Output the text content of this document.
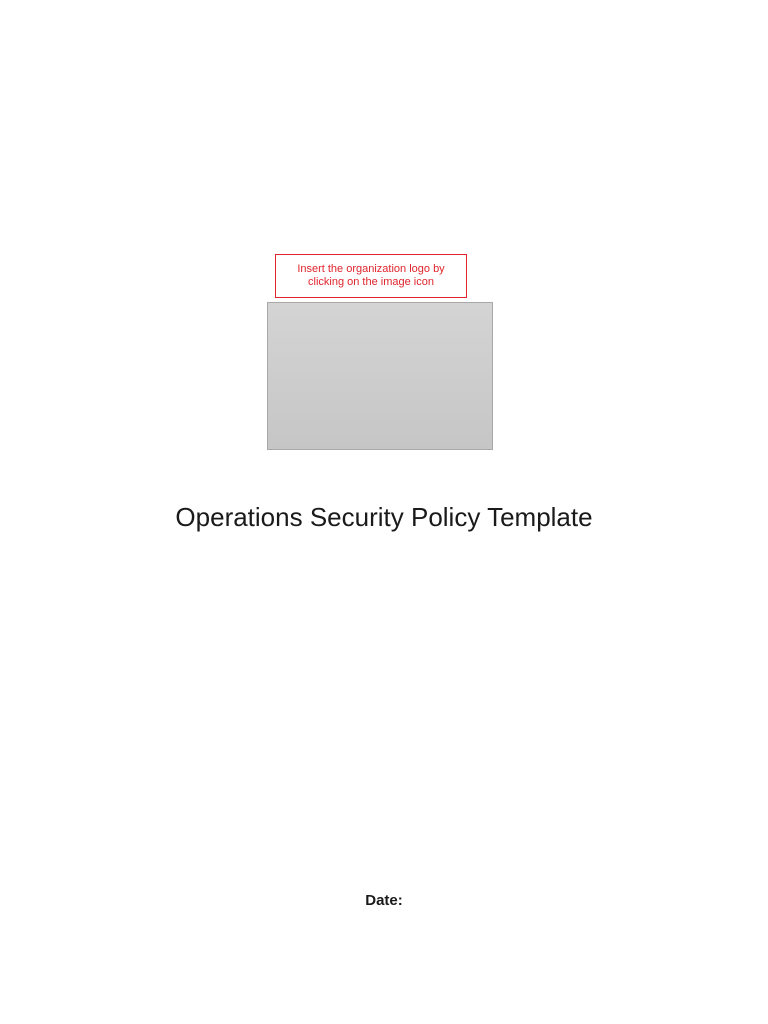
Insert the organization logo by clicking on the image icon
Operations Security Policy Template
Date:
